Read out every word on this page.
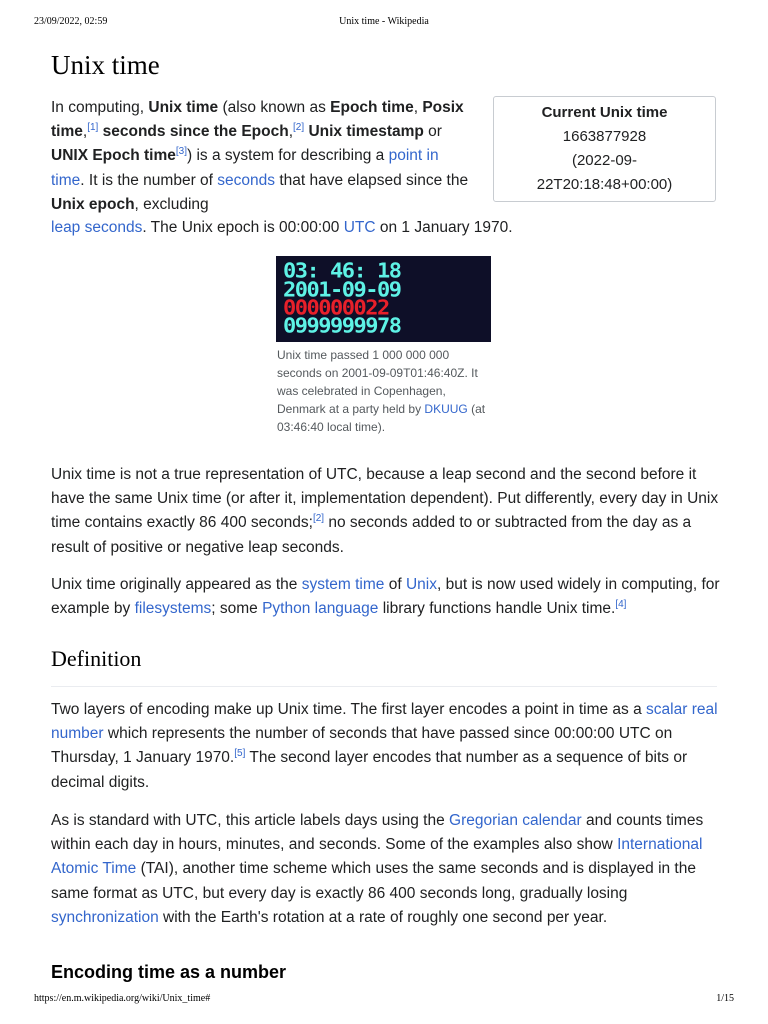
23/09/2022, 02:59	Unix time - Wikipedia
Unix time
Current Unix time
1663877928
(2022-09-
22T20:18:48+00:00)

In computing, Unix time (also known as Epoch time, Posix time,[1] seconds since the Epoch,[2] Unix timestamp or UNIX Epoch time[3]) is a system for describing a point in time. It is the number of seconds that have elapsed since the Unix epoch, excluding

leap seconds. The Unix epoch is 00:00:00 UTC on 1 January 1970.

03: 46: 18
2001-09-09
000000022
0999999978
Unix time passed 1 000 000 000 seconds on 2001-09-09T01:46:40Z. It was celebrated in Copenhagen, Denmark at a party held by DKUUG (at 03:46:40 local time).

Unix time is not a true representation of UTC, because a leap second and the second before it have the same Unix time (or after it, implementation dependent). Put differently, every day in Unix time contains exactly 86 400 seconds;[2] no seconds added to or subtracted from the day as a result of positive or negative leap seconds.

Unix time originally appeared as the system time of Unix, but is now used widely in computing, for example by filesystems; some Python language library functions handle Unix time.[4]

Definition

Two layers of encoding make up Unix time. The first layer encodes a point in time as a scalar real number which represents the number of seconds that have passed since 00:00:00 UTC on Thursday, 1 January 1970.[5] The second layer encodes that number as a sequence of bits or decimal digits.

As is standard with UTC, this article labels days using the Gregorian calendar and counts times within each day in hours, minutes, and seconds. Some of the examples also show International Atomic Time (TAI), another time scheme which uses the same seconds and is displayed in the same format as UTC, but every day is exactly 86 400 seconds long, gradually losing synchronization with the Earth's rotation at a rate of roughly one second per year.

Encoding time as a number
https://en.m.wikipedia.org/wiki/Unix_time#	1/15
